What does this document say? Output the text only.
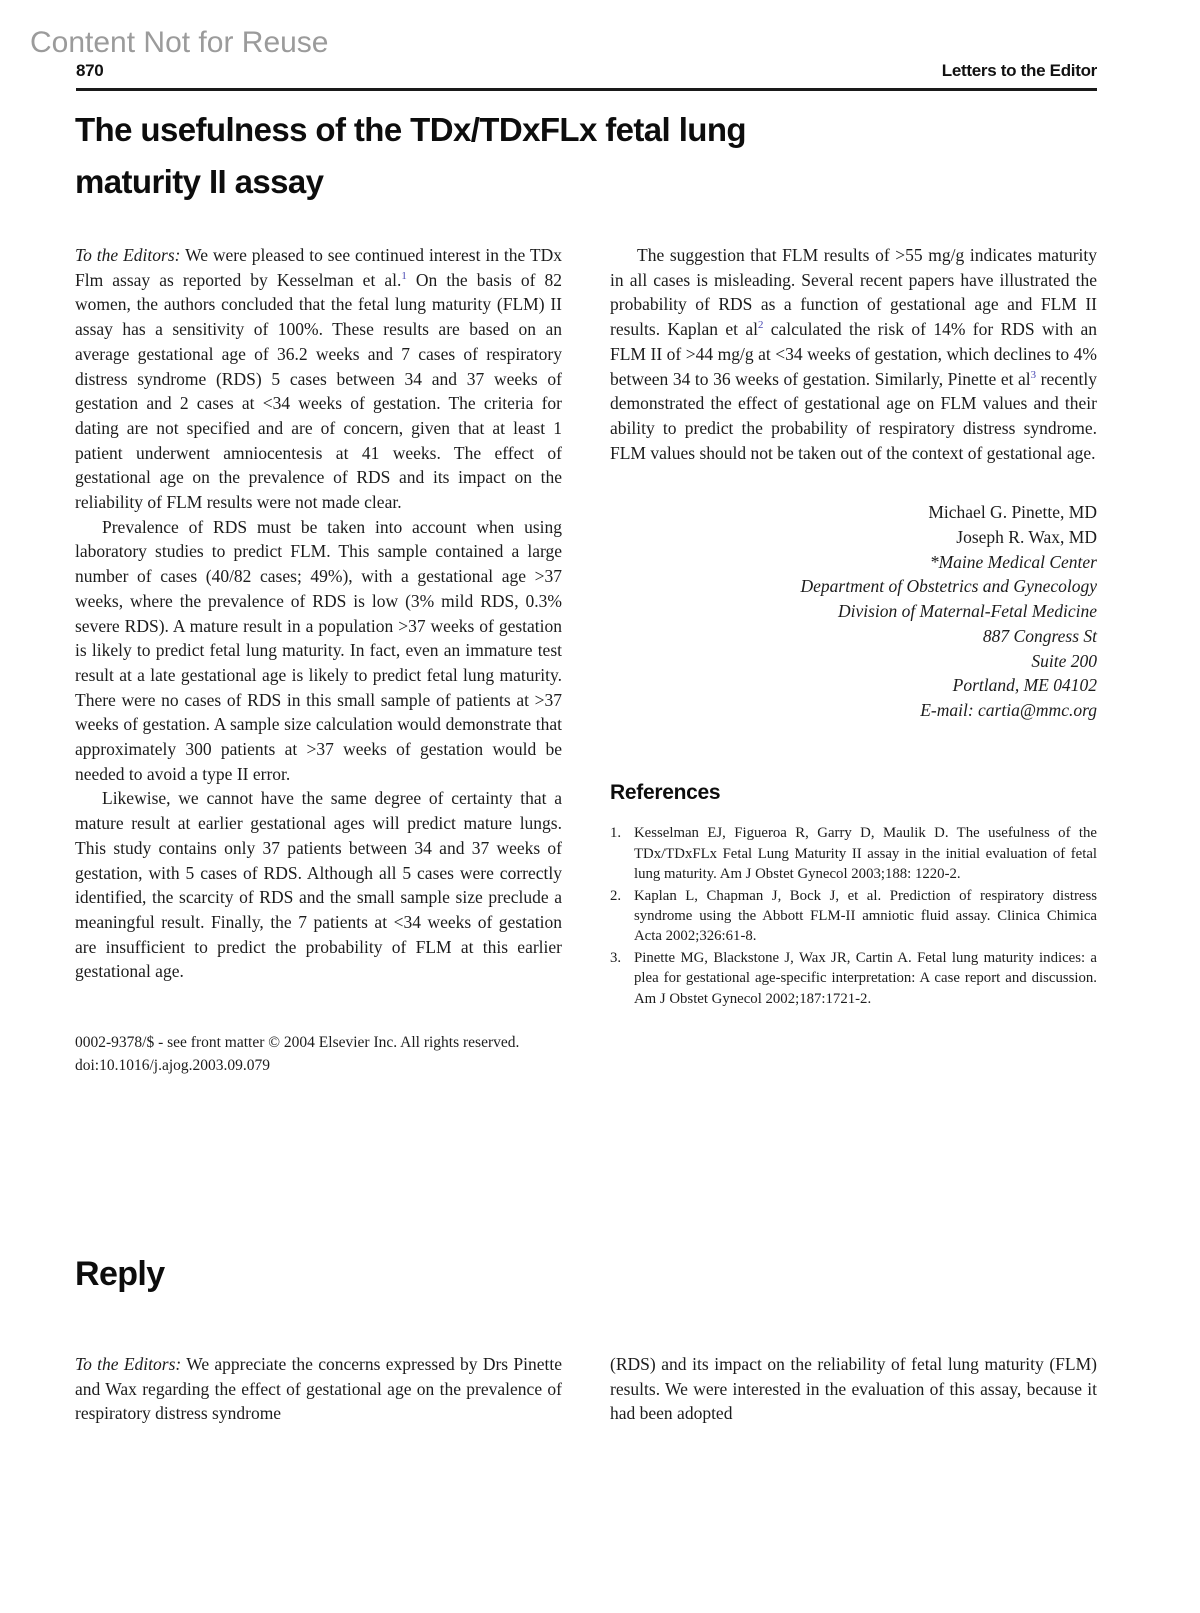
Content Not for Reuse
870	Letters to the Editor
The usefulness of the TDx/TDxFLx fetal lung
maturity II assay

To the Editors: We were pleased to see continued interest in the TDx Flm assay as reported by Kesselman et al.$^1$ On the basis of 82 women, the authors concluded that the fetal lung maturity (FLM) II assay has a sensitivity of 100%. These results are based on an average gestational age of 36.2 weeks and 7 cases of respiratory distress syndrome (RDS) 5 cases between 34 and 37 weeks of gestation and 2 cases at <34 weeks of gestation. The criteria for dating are not specified and are of concern, given that at least 1 patient underwent amniocentesis at 41 weeks. The effect of gestational age on the prevalence of RDS and its impact on the reliability of FLM results were not made clear.

Prevalence of RDS must be taken into account when using laboratory studies to predict FLM. This sample contained a large number of cases (40/82 cases; 49%), with a gestational age >37 weeks, where the prevalence of RDS is low (3% mild RDS, 0.3% severe RDS). A mature result in a population >37 weeks of gestation is likely to predict fetal lung maturity. In fact, even an immature test result at a late gestational age is likely to predict fetal lung maturity. There were no cases of RDS in this small sample of patients at >37 weeks of gestation. A sample size calculation would demonstrate that approximately 300 patients at >37 weeks of gestation would be needed to avoid a type II error.

Likewise, we cannot have the same degree of certainty that a mature result at earlier gestational ages will predict mature lungs. This study contains only 37 patients between 34 and 37 weeks of gestation, with 5 cases of RDS. Although all 5 cases were correctly identified, the scarcity of RDS and the small sample size preclude a meaningful result. Finally, the 7 patients at <34 weeks of gestation are insufficient to predict the probability of FLM at this earlier gestational age.

0002-9378/$ - see front matter © 2004 Elsevier Inc. All rights reserved.
doi:10.1016/j.ajog.2003.09.079

The suggestion that FLM results of >55 mg/g indicates maturity in all cases is misleading. Several recent papers have illustrated the probability of RDS as a function of gestational age and FLM II results. Kaplan et al$^2$ calculated the risk of 14% for RDS with an FLM II of >44 mg/g at <34 weeks of gestation, which declines to 4% between 34 to 36 weeks of gestation. Similarly, Pinette et al$^3$ recently demonstrated the effect of gestational age on FLM values and their ability to predict the probability of respiratory distress syndrome. FLM values should not be taken out of the context of gestational age.

Michael G. Pinette, MD
Joseph R. Wax, MD
*Maine Medical Center
Department of Obstetrics and Gynecology
Division of Maternal-Fetal Medicine
887 Congress St
Suite 200
Portland, ME 04102
E-mail: cartia@mmc.org
References
1. Kesselman EJ, Figueroa R, Garry D, Maulik D. The usefulness of the TDx/TDxFLx Fetal Lung Maturity II assay in the initial evaluation of fetal lung maturity. Am J Obstet Gynecol 2003;188: 1220-2.
2. Kaplan L, Chapman J, Bock J, et al. Prediction of respiratory distress syndrome using the Abbott FLM-II amniotic fluid assay. Clinica Chimica Acta 2002;326:61-8.
3. Pinette MG, Blackstone J, Wax JR, Cartin A. Fetal lung maturity indices: a plea for gestational age-specific interpretation: A case report and discussion. Am J Obstet Gynecol 2002;187:1721-2.
Reply

To the Editors: We appreciate the concerns expressed by Drs Pinette and Wax regarding the effect of gestational age on the prevalence of respiratory distress syndrome

(RDS) and its impact on the reliability of fetal lung maturity (FLM) results. We were interested in the evaluation of this assay, because it had been adopted
